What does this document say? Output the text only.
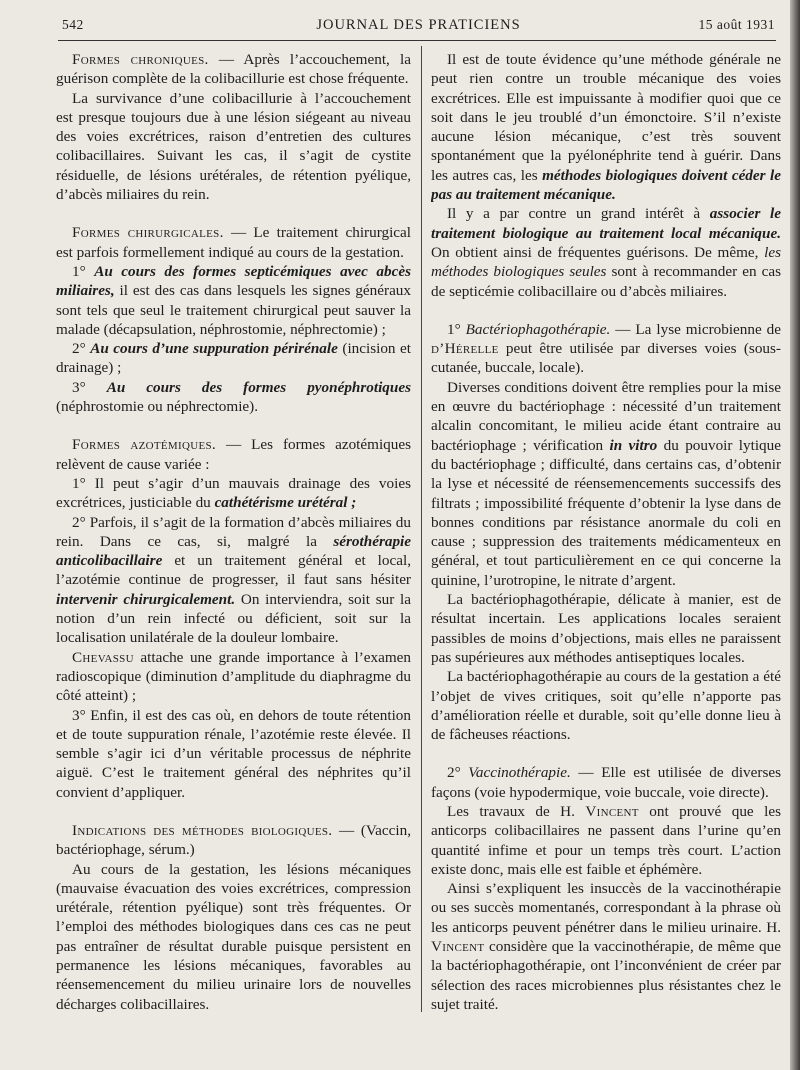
542	JOURNAL DES PRATICIENS	15 août 1931

Formes chroniques. — Après l’accouchement, la guérison complète de la colibacillurie est chose fréquente.

La survivance d’une colibacillurie à l’accouchement est presque toujours due à une lésion siégeant au niveau des voies excrétrices, raison d’entretien des cultures colibacillaires. Suivant les cas, il s’agit de cystite résiduelle, de lésions urétérales, de rétention pyélique, d’abcès miliaires du rein.

Formes chirurgicales. — Le traitement chirurgical est parfois formellement indiqué au cours de la gestation.

1° Au cours des formes septicémiques avec abcès miliaires, il est des cas dans lesquels les signes généraux sont tels que seul le traitement chirurgical peut sauver la malade (décapsulation, néphrostomie, néphrectomie) ;

2° Au cours d’une suppuration périrénale (incision et drainage) ;

3° Au cours des formes pyonéphrotiques (néphrostomie ou néphrectomie).

Formes azotémiques. — Les formes azotémiques relèvent de cause variée :

1° Il peut s’agir d’un mauvais drainage des voies excrétrices, justiciable du cathétérisme urétéral ;

2° Parfois, il s’agit de la formation d’abcès miliaires du rein. Dans ce cas, si, malgré la sérothérapie anticolibacillaire et un traitement général et local, l’azotémie continue de progresser, il faut sans hésiter intervenir chirurgicalement. On interviendra, soit sur la notion d’un rein infecté ou déficient, soit sur la localisation unilatérale de la douleur lombaire.

Chevassu attache une grande importance à l’examen radioscopique (diminution d’amplitude du diaphragme du côté atteint) ;

3° Enfin, il est des cas où, en dehors de toute rétention et de toute suppuration rénale, l’azotémie reste élevée. Il semble s’agir ici d’un véritable processus de néphrite aiguë. C’est le traitement général des néphrites qu’il convient d’appliquer.

Indications des méthodes biologiques. — (Vaccin, bactériophage, sérum.)

Au cours de la gestation, les lésions mécaniques (mauvaise évacuation des voies excrétrices, compression urétérale, rétention pyélique) sont très fréquentes. Or l’emploi des méthodes biologiques dans ces cas ne peut pas entraîner de résultat durable puisque persistent en permanence les lésions mécaniques, favorables au réensemencement du milieu urinaire lors de nouvelles décharges colibacillaires.

Il est de toute évidence qu’une méthode générale ne peut rien contre un trouble mécanique des voies excrétrices. Elle est impuissante à modifier quoi que ce soit dans le jeu troublé d’un émonctoire. S’il n’existe aucune lésion mécanique, c’est très souvent spontanément que la pyélonéphrite tend à guérir. Dans les autres cas, les méthodes biologiques doivent céder le pas au traitement mécanique.

Il y a par contre un grand intérêt à associer le traitement biologique au traitement local mécanique. On obtient ainsi de fréquentes guérisons. De même, les méthodes biologiques seules sont à recommander en cas de septicémie colibacillaire ou d’abcès miliaires.

1° Bactériophagothérapie. — La lyse microbienne de d’Hérelle peut être utilisée par diverses voies (sous-cutanée, buccale, locale).

Diverses conditions doivent être remplies pour la mise en œuvre du bactériophage : nécessité d’un traitement alcalin concomitant, le milieu acide étant contraire au bactériophage ; vérification in vitro du pouvoir lytique du bactériophage ; difficulté, dans certains cas, d’obtenir la lyse et nécessité de réensemencements successifs des filtrats ; impossibilité fréquente d’obtenir la lyse dans de bonnes conditions par résistance anormale du coli en cause ; suppression des traitements médicamenteux en général, et tout particulièrement en ce qui concerne la quinine, l’urotropine, le nitrate d’argent.

La bactériophagothérapie, délicate à manier, est de résultat incertain. Les applications locales seraient passibles de moins d’objections, mais elles ne paraissent pas supérieures aux méthodes antiseptiques locales.

La bactériophagothérapie au cours de la gestation a été l’objet de vives critiques, soit qu’elle n’apporte pas d’amélioration réelle et durable, soit qu’elle donne lieu à de fâcheuses réactions.

2° Vaccinothérapie. — Elle est utilisée de diverses façons (voie hypodermique, voie buccale, voie directe).

Les travaux de H. Vincent ont prouvé que les anticorps colibacillaires ne passent dans l’urine qu’en quantité infime et pour un temps très court. L’action existe donc, mais elle est faible et éphémère.

Ainsi s’expliquent les insuccès de la vaccinothérapie ou ses succès momentanés, correspondant à la phrase où les anticorps peuvent pénétrer dans le milieu urinaire. H. Vincent considère que la vaccinothérapie, de même que la bactériophagothérapie, ont l’inconvénient de créer par sélection des races microbiennes plus résistantes chez le sujet traité.
